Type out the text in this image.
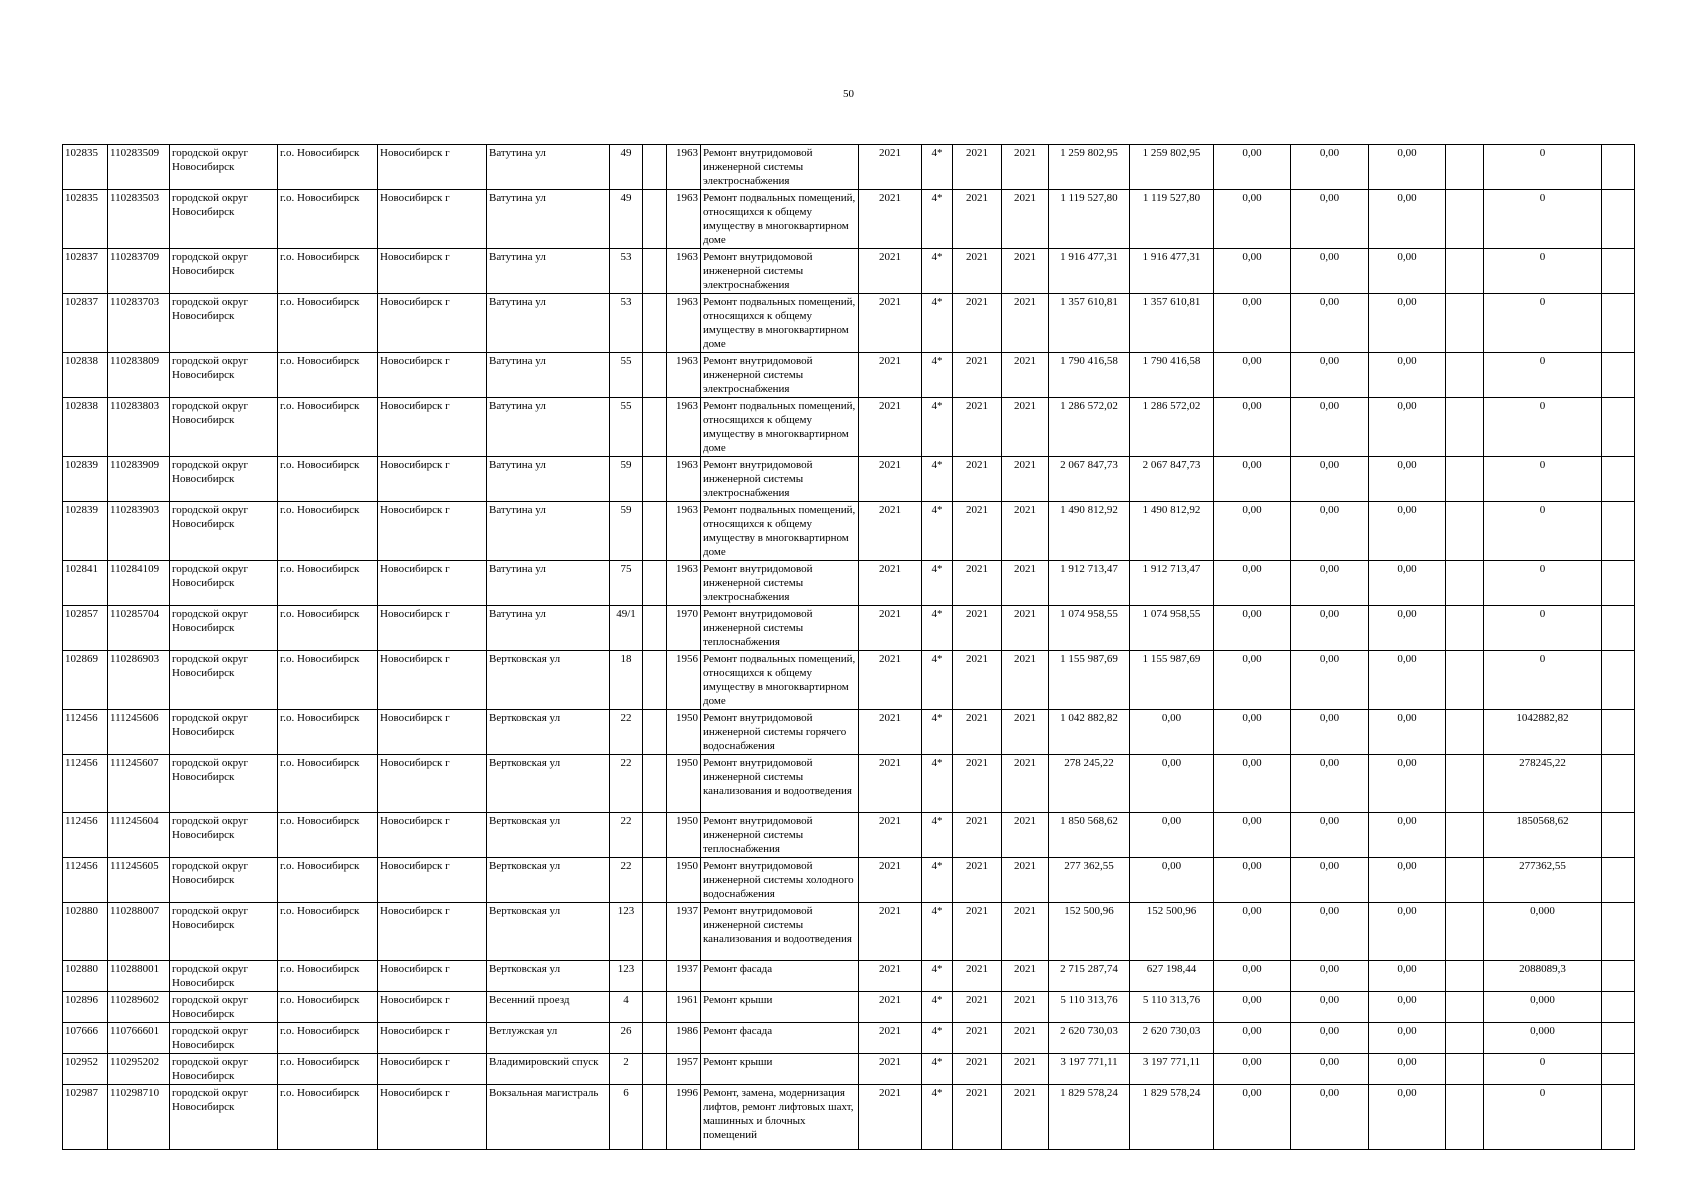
50
102835	110283509	городской округ Новосибирск	г.о. Новосибирск	Новосибирск г	Ватутина ул	49		1963	Ремонт внутридомовой инженерной системы электроснабжения	2021	4*	2021	2021	1 259 802,95	1 259 802,95	0,00	0,00	0,00		0	
102835	110283503	городской округ Новосибирск	г.о. Новосибирск	Новосибирск г	Ватутина ул	49		1963	Ремонт подвальных помещений, относящихся к общему имуществу в многоквартирном доме	2021	4*	2021	2021	1 119 527,80	1 119 527,80	0,00	0,00	0,00		0	
102837	110283709	городской округ Новосибирск	г.о. Новосибирск	Новосибирск г	Ватутина ул	53		1963	Ремонт внутридомовой инженерной системы электроснабжения	2021	4*	2021	2021	1 916 477,31	1 916 477,31	0,00	0,00	0,00		0	
102837	110283703	городской округ Новосибирск	г.о. Новосибирск	Новосибирск г	Ватутина ул	53		1963	Ремонт подвальных помещений, относящихся к общему имуществу в многоквартирном доме	2021	4*	2021	2021	1 357 610,81	1 357 610,81	0,00	0,00	0,00		0	
102838	110283809	городской округ Новосибирск	г.о. Новосибирск	Новосибирск г	Ватутина ул	55		1963	Ремонт внутридомовой инженерной системы электроснабжения	2021	4*	2021	2021	1 790 416,58	1 790 416,58	0,00	0,00	0,00		0	
102838	110283803	городской округ Новосибирск	г.о. Новосибирск	Новосибирск г	Ватутина ул	55		1963	Ремонт подвальных помещений, относящихся к общему имуществу в многоквартирном доме	2021	4*	2021	2021	1 286 572,02	1 286 572,02	0,00	0,00	0,00		0	
102839	110283909	городской округ Новосибирск	г.о. Новосибирск	Новосибирск г	Ватутина ул	59		1963	Ремонт внутридомовой инженерной системы электроснабжения	2021	4*	2021	2021	2 067 847,73	2 067 847,73	0,00	0,00	0,00		0	
102839	110283903	городской округ Новосибирск	г.о. Новосибирск	Новосибирск г	Ватутина ул	59		1963	Ремонт подвальных помещений, относящихся к общему имуществу в многоквартирном доме	2021	4*	2021	2021	1 490 812,92	1 490 812,92	0,00	0,00	0,00		0	
102841	110284109	городской округ Новосибирск	г.о. Новосибирск	Новосибирск г	Ватутина ул	75		1963	Ремонт внутридомовой инженерной системы электроснабжения	2021	4*	2021	2021	1 912 713,47	1 912 713,47	0,00	0,00	0,00		0	
102857	110285704	городской округ Новосибирск	г.о. Новосибирск	Новосибирск г	Ватутина ул	49/1		1970	Ремонт внутридомовой инженерной системы теплоснабжения	2021	4*	2021	2021	1 074 958,55	1 074 958,55	0,00	0,00	0,00		0	
102869	110286903	городской округ Новосибирск	г.о. Новосибирск	Новосибирск г	Вертковская ул	18		1956	Ремонт подвальных помещений, относящихся к общему имуществу в многоквартирном доме	2021	4*	2021	2021	1 155 987,69	1 155 987,69	0,00	0,00	0,00		0	
112456	111245606	городской округ Новосибирск	г.о. Новосибирск	Новосибирск г	Вертковская ул	22		1950	Ремонт внутридомовой инженерной системы горячего водоснабжения	2021	4*	2021	2021	1 042 882,82	0,00	0,00	0,00	0,00		1042882,82	
112456	111245607	городской округ Новосибирск	г.о. Новосибирск	Новосибирск г	Вертковская ул	22		1950	Ремонт внутридомовой инженерной системы канализования и водоотведения	2021	4*	2021	2021	278 245,22	0,00	0,00	0,00	0,00		278245,22	
112456	111245604	городской округ Новосибирск	г.о. Новосибирск	Новосибирск г	Вертковская ул	22		1950	Ремонт внутридомовой инженерной системы теплоснабжения	2021	4*	2021	2021	1 850 568,62	0,00	0,00	0,00	0,00		1850568,62	
112456	111245605	городской округ Новосибирск	г.о. Новосибирск	Новосибирск г	Вертковская ул	22		1950	Ремонт внутридомовой инженерной системы холодного водоснабжения	2021	4*	2021	2021	277 362,55	0,00	0,00	0,00	0,00		277362,55	
102880	110288007	городской округ Новосибирск	г.о. Новосибирск	Новосибирск г	Вертковская ул	123		1937	Ремонт внутридомовой инженерной системы канализования и водоотведения	2021	4*	2021	2021	152 500,96	152 500,96	0,00	0,00	0,00		0,000	
102880	110288001	городской округ Новосибирск	г.о. Новосибирск	Новосибирск г	Вертковская ул	123		1937	Ремонт фасада	2021	4*	2021	2021	2 715 287,74	627 198,44	0,00	0,00	0,00		2088089,3	
102896	110289602	городской округ Новосибирск	г.о. Новосибирск	Новосибирск г	Весенний проезд	4		1961	Ремонт крыши	2021	4*	2021	2021	5 110 313,76	5 110 313,76	0,00	0,00	0,00		0,000	
107666	110766601	городской округ Новосибирск	г.о. Новосибирск	Новосибирск г	Ветлужская ул	26		1986	Ремонт фасада	2021	4*	2021	2021	2 620 730,03	2 620 730,03	0,00	0,00	0,00		0,000	
102952	110295202	городской округ Новосибирск	г.о. Новосибирск	Новосибирск г	Владимировский спуск	2		1957	Ремонт крыши	2021	4*	2021	2021	3 197 771,11	3 197 771,11	0,00	0,00	0,00		0	
102987	110298710	городской округ Новосибирск	г.о. Новосибирск	Новосибирск г	Вокзальная магистраль	6		1996	Ремонт, замена, модернизация лифтов, ремонт лифтовых шахт, машинных и блочных помещений	2021	4*	2021	2021	1 829 578,24	1 829 578,24	0,00	0,00	0,00		0	
